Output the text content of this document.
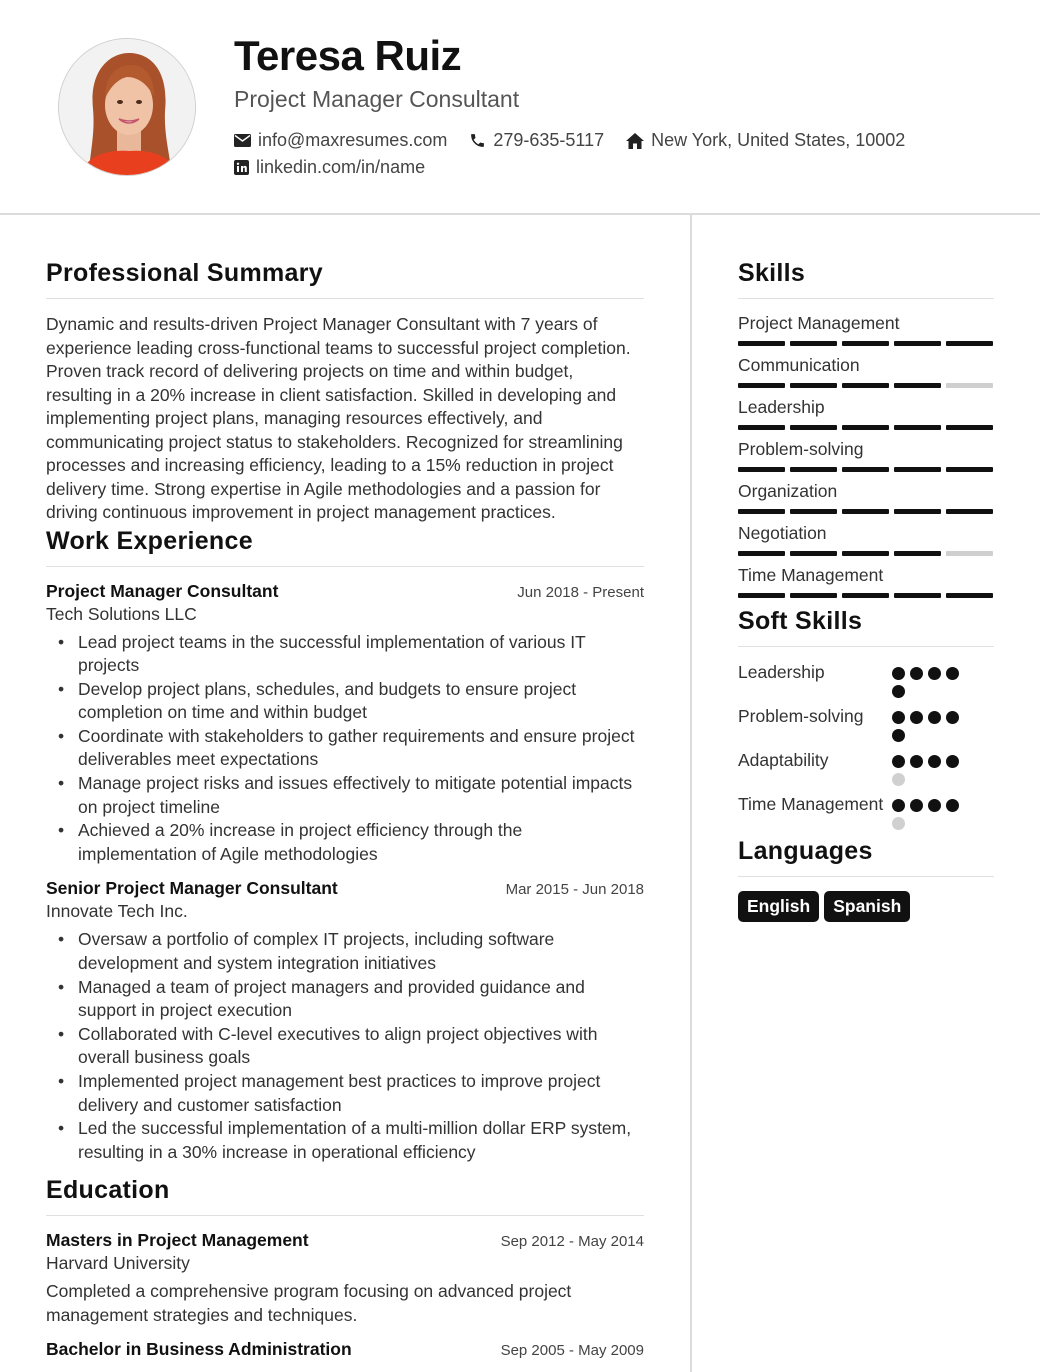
Teresa Ruiz
Project Manager Consultant
info@maxresumes.com	279-635-5117	New York, United States, 10002
linkedin.com/in/name
Professional Summary

Dynamic and results-driven Project Manager Consultant with 7 years of experience leading cross-functional teams to successful project completion. Proven track record of delivering projects on time and within budget, resulting in a 20% increase in client satisfaction. Skilled in developing and implementing project plans, managing resources effectively, and communicating project status to stakeholders. Recognized for streamlining processes and increasing efficiency, leading to a 15% reduction in project delivery time. Strong expertise in Agile methodologies and a passion for driving continuous improvement in project management practices.

Work Experience
Project Manager Consultant	Jun 2018 - Present
Tech Solutions LLC
• Lead project teams in the successful implementation of various IT projects
• Develop project plans, schedules, and budgets to ensure project completion on time and within budget
• Coordinate with stakeholders to gather requirements and ensure project deliverables meet expectations
• Manage project risks and issues effectively to mitigate potential impacts on project timeline
• Achieved a 20% increase in project efficiency through the implementation of Agile methodologies
Senior Project Manager Consultant	Mar 2015 - Jun 2018
Innovate Tech Inc.
• Oversaw a portfolio of complex IT projects, including software development and system integration initiatives
• Managed a team of project managers and provided guidance and support in project execution
• Collaborated with C-level executives to align project objectives with overall business goals
• Implemented project management best practices to improve project delivery and customer satisfaction
• Led the successful implementation of a multi-million dollar ERP system, resulting in a 30% increase in operational efficiency
Education
Masters in Project Management	Sep 2012 - May 2014
Harvard University

Completed a comprehensive program focusing on advanced project management strategies and techniques.

Bachelor in Business Administration	Sep 2005 - May 2009
Skills
Project Management
Communication
Leadership
Problem-solving
Organization
Negotiation
Time Management
Soft Skills
Leadership
Problem-solving
Adaptability
Time Management
Languages
English	Spanish
